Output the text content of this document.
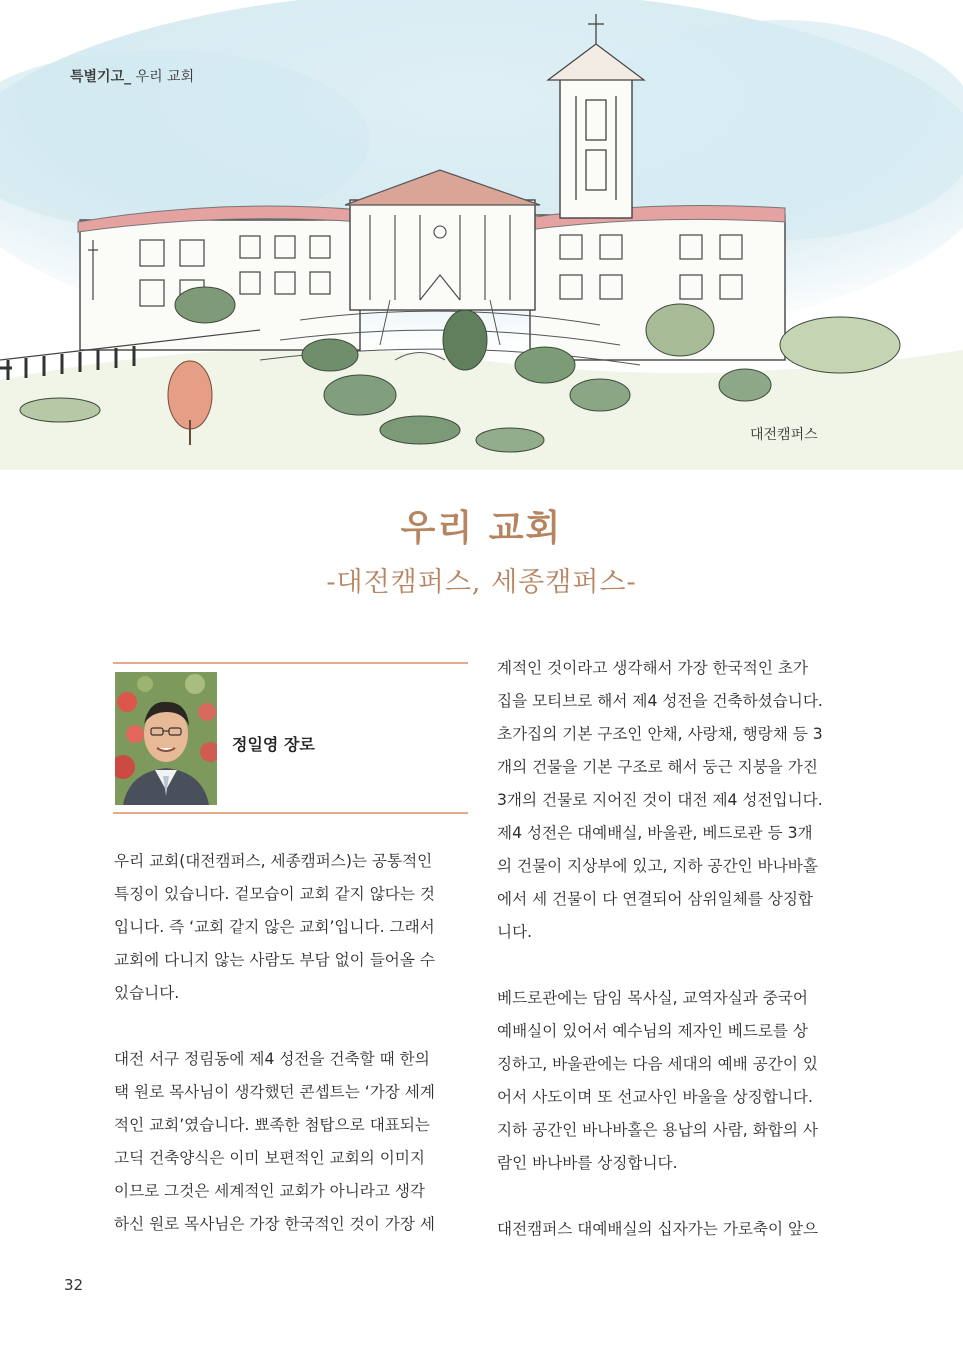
특별기고_ 우리 교회
대전캠퍼스
우리 교회
-대전캠퍼스, 세종캠퍼스-
정일영 장로

우리 교회(대전캠퍼스, 세종캠퍼스)는 공통적인

특징이 있습니다. 겉모습이 교회 같지 않다는 것

입니다. 즉 ‘교회 같지 않은 교회’입니다. 그래서

교회에 다니지 않는 사람도 부담 없이 들어올 수

있습니다.

대전 서구 정림동에 제4 성전을 건축할 때 한의

택 원로 목사님이 생각했던 콘셉트는 ‘가장 세계

적인 교회’였습니다. 뾰족한 첨탑으로 대표되는

고딕 건축양식은 이미 보편적인 교회의 이미지

이므로 그것은 세계적인 교회가 아니라고 생각

하신 원로 목사님은 가장 한국적인 것이 가장 세

계적인 것이라고 생각해서 가장 한국적인 초가

집을 모티브로 해서 제4 성전을 건축하셨습니다.

초가집의 기본 구조인 안채, 사랑채, 행랑채 등 3

개의 건물을 기본 구조로 해서 둥근 지붕을 가진

3개의 건물로 지어진 것이 대전 제4 성전입니다.

제4 성전은 대예배실, 바울관, 베드로관 등 3개

의 건물이 지상부에 있고, 지하 공간인 바나바홀

에서 세 건물이 다 연결되어 삼위일체를 상징합

니다.

베드로관에는 담임 목사실, 교역자실과 중국어

예배실이 있어서 예수님의 제자인 베드로를 상

징하고, 바울관에는 다음 세대의 예배 공간이 있

어서 사도이며 또 선교사인 바울을 상징합니다.

지하 공간인 바나바홀은 용납의 사람, 화합의 사

람인 바나바를 상징합니다.

대전캠퍼스 대예배실의 십자가는 가로축이 앞으

32
